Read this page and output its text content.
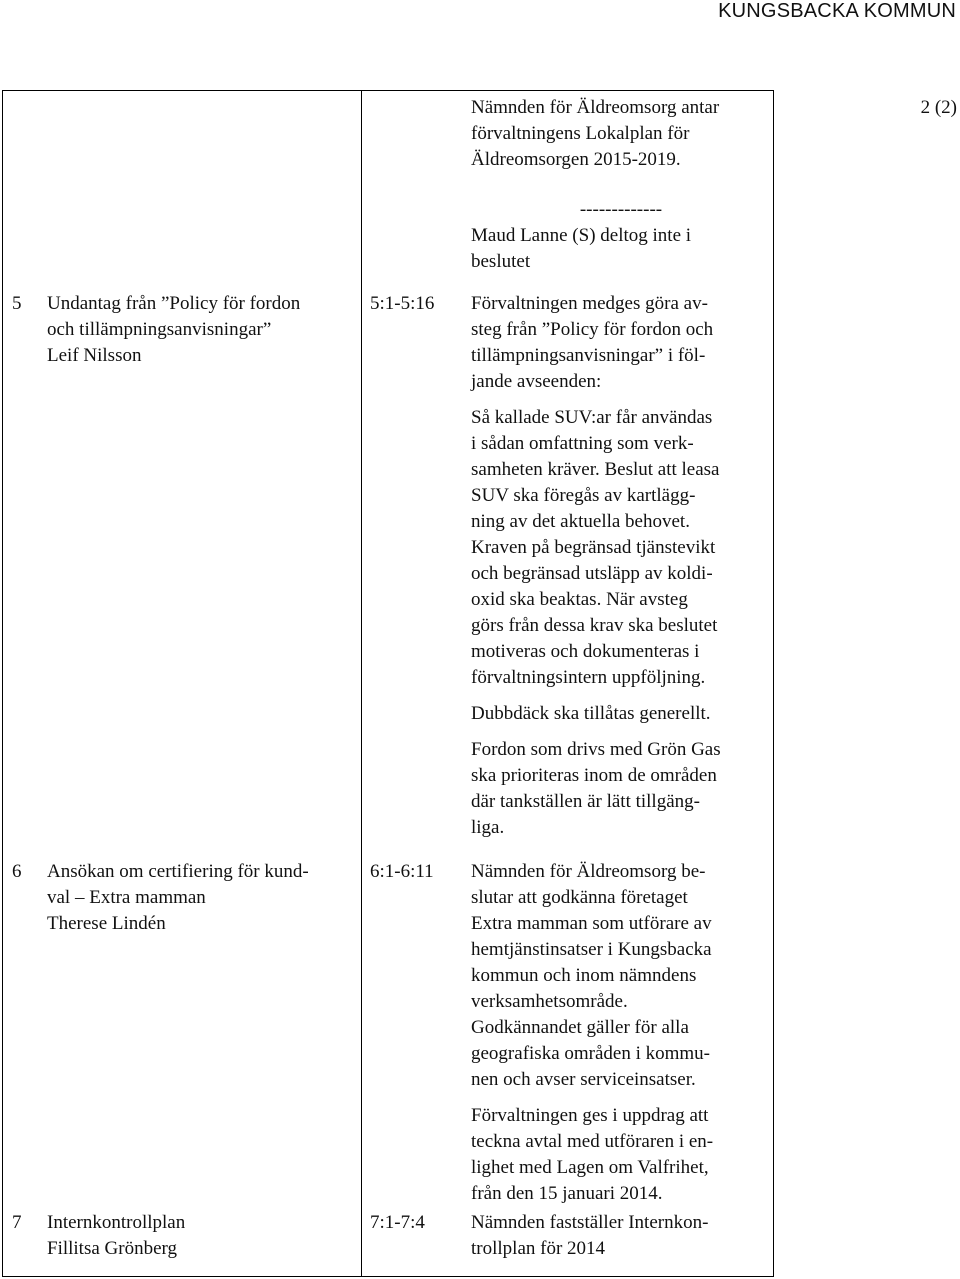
KUNGSBACKA KOMMUN
2 (2)
Nämnden för Äldreomsorg antar
förvaltningens Lokalplan för
Äldreomsorgen 2015-2019.
-------------
Maud Lanne (S) deltog inte i
beslutet
5 Undantag från ”Policy för fordon
och tillämpningsanvisningar”
Leif Nilsson
5:1-5:16 Förvaltningen medges göra av-
steg från ”Policy för fordon och
tillämpningsanvisningar” i föl-
jande avseenden:
Så kallade SUV:ar får användas
i sådan omfattning som verk-
samheten kräver. Beslut att leasa
SUV ska föregås av kartlägg-
ning av det aktuella behovet.
Kraven på begränsad tjänstevikt
och begränsad utsläpp av koldi-
oxid ska beaktas. När avsteg
görs från dessa krav ska beslutet
motiveras och dokumenteras i
förvaltningsintern uppföljning.
Dubbdäck ska tillåtas generellt.
Fordon som drivs med Grön Gas
ska prioriteras inom de områden
där tankställen är lätt tillgäng-
liga.
6 Ansökan om certifiering för kund-
val – Extra mamman
Therese Lindén
6:1-6:11 Nämnden för Äldreomsorg be-
slutar att godkänna företaget
Extra mamman som utförare av
hemtjänstinsatser i Kungsbacka
kommun och inom nämndens
verksamhetsområde.
Godkännandet gäller för alla
geografiska områden i kommu-
nen och avser serviceinsatser.
Förvaltningen ges i uppdrag att
teckna avtal med utföraren i en-
lighet med Lagen om Valfrihet,
från den 15 januari 2014.
7 Internkontrollplan
Fillitsa Grönberg
7:1-7:4 Nämnden fastställer Internkon-
trollplan för 2014
